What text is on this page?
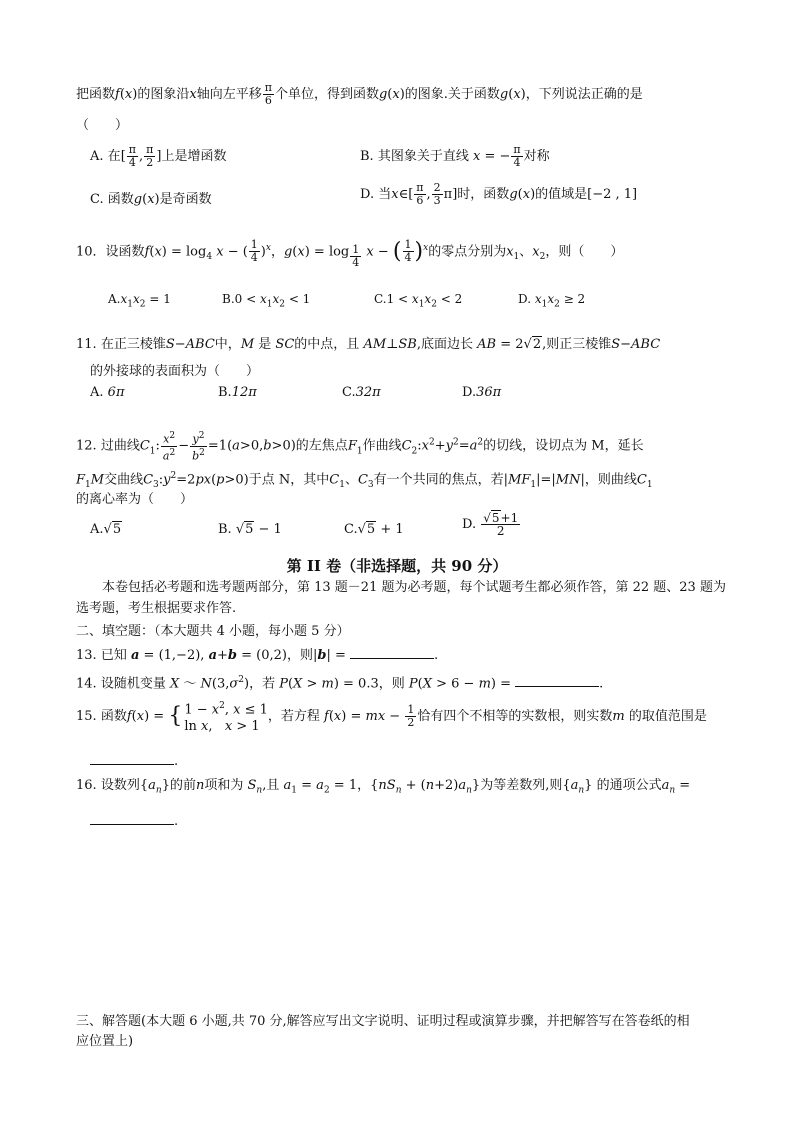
把函数f(x)的图象沿x轴向左平移 $\frac{\pi}{6}$ 个单位，得到函数g(x)的图象.关于函数g(x)，下列说法正确的是
（　　）
A. 在[ $\frac{\pi}{4}$ , $\frac{\pi}{2}$ ]上是增函数	B. 其图象关于直线 x = − $\frac{\pi}{4}$ 对称
C. 函数g(x)是奇函数	D. 当x∈[ $\frac{\pi}{6}$ , $\frac{2}{3} \pi$]时，函数g(x)的值域是[−2 , 1]
10．设函数$f(x) = \log_4 x$ − ( $\frac{1}{4} )^x$，g(x) = log $_{\frac{1}{4}}$ x − ( $\frac{1}{4} )^x$的零点分别为$x_1$、$x_2$，则（　　）
$A.x_1x_2 = 1$	$B.0 < x_1x_2 < 1$	$C.1 < x_1x_2 < 2$	D. $x_1x_2 \ge 2$
11. 在正三棱锥S−ABC中，M 是 SC的中点，且 AM⊥SB,底面边长 AB = 2√2,则正三棱锥S−ABC
的外接球的表面积为（　　）
A. 6π	B.12π	C.32π	D.36π
12. 过曲线$C_1$: $\frac{x^2}{a^2} - \frac{y^2}{b^2} =1(a>0,b>0)$的左焦点$F_1$作曲线$C_2:x^2+y^2=a^2$的切线，设切点为 M，延长
$F_1M$交曲线$C_3:y^2=2px(p>0)$于点 N，其中$C_1$、$C_3$有一个共同的焦点，若$|MF_1|=|MN|$，则曲线$C_1$
的离心率为（　　）
A.√5	B. √5 − 1	C.√5 + 1	D. $\frac{√5+1}{2}$
第 II 卷（非选择题，共 90 分）
本卷包括必考题和选考题两部分，第 13 题－21 题为必考题，每个试题考生都必须作答，第 22 题、23 题为选考题，考生根据要求作答.
二、填空题：（本大题共 4 小题，每小题 5 分）
13. 已知 a = (1,−2), a+b = (0,2)，则|b| =	.
14. 设随机变量 X ～ $N(3,\sigma^2)$，若 P(X > m) = 0.3，则 P(X > 6 − m) =	.
15. 函数f(x) = { $1 - x^2$, x ≤ 1
ln x,   x > 1，若方程 f(x) = mx − $\frac{1}{2}$ 恰有四个不相等的实数根，则实数m 的取值范围是
.
16. 设数列$\{a_n\}$的前n项和为 $S_n$,且 $a_1 = a_2 = 1$，$\{nS_n + (n+2)a_n\}$为等差数列,则$\{a_n\}$ 的通项公式$a_n$ =
.
三、解答题(本大题 6 小题,共 70 分,解答应写出文字说明、证明过程或演算步骤，并把解答写在答卷纸的相
应位置上)
